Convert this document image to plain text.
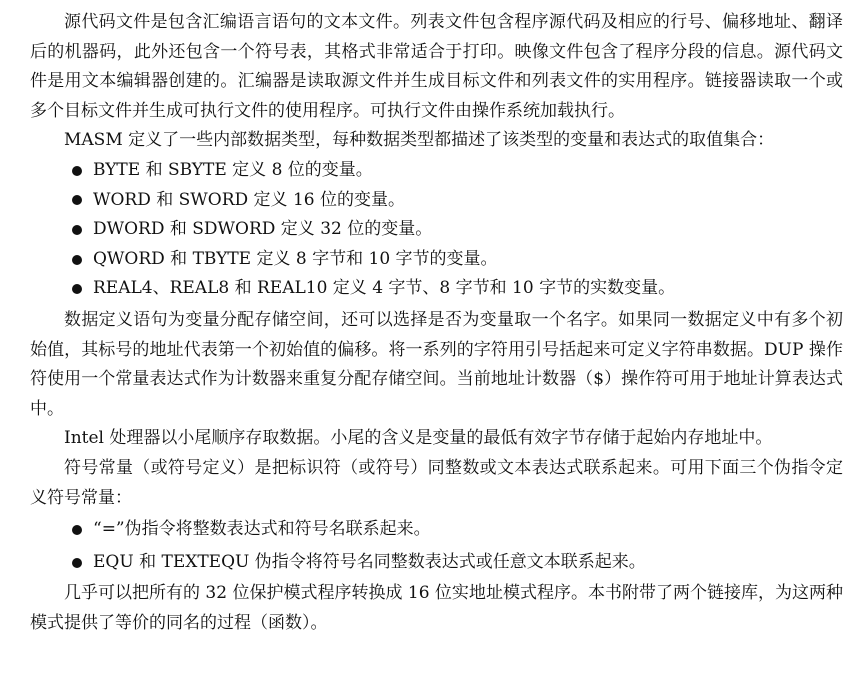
源代码文件是包含汇编语言语句的文本文件。列表文件包含程序源代码及相应的行号、偏移地址、翻译后的机器码，此外还包含一个符号表，其格式非常适合于打印。映像文件包含了程序分段的信息。源代码文件是用文本编辑器创建的。汇编器是读取源文件并生成目标文件和列表文件的实用程序。链接器读取一个或多个目标文件并生成可执行文件的使用程序。可执行文件由操作系统加载执行。

MASM 定义了一些内部数据类型，每种数据类型都描述了该类型的变量和表达式的取值集合：

BYTE 和 SBYTE 定义 8 位的变量。
WORD 和 SWORD 定义 16 位的变量。
DWORD 和 SDWORD 定义 32 位的变量。
QWORD 和 TBYTE 定义 8 字节和 10 字节的变量。
REAL4、REAL8 和 REAL10 定义 4 字节、8 字节和 10 字节的实数变量。

数据定义语句为变量分配存储空间，还可以选择是否为变量取一个名字。如果同一数据定义中有多个初始值，其标号的地址代表第一个初始值的偏移。将一系列的字符用引号括起来可定义字符串数据。DUP 操作符使用一个常量表达式作为计数器来重复分配存储空间。当前地址计数器（$）操作符可用于地址计算表达式中。

Intel 处理器以小尾顺序存取数据。小尾的含义是变量的最低有效字节存储于起始内存地址中。

符号常量（或符号定义）是把标识符（或符号）同整数或文本表达式联系起来。可用下面三个伪指令定义符号常量：

“=”伪指令将整数表达式和符号名联系起来。
EQU 和 TEXTEQU 伪指令将符号名同整数表达式或任意文本联系起来。

几乎可以把所有的 32 位保护模式程序转换成 16 位实地址模式程序。本书附带了两个链接库，为这两种模式提供了等价的同名的过程（函数）。
